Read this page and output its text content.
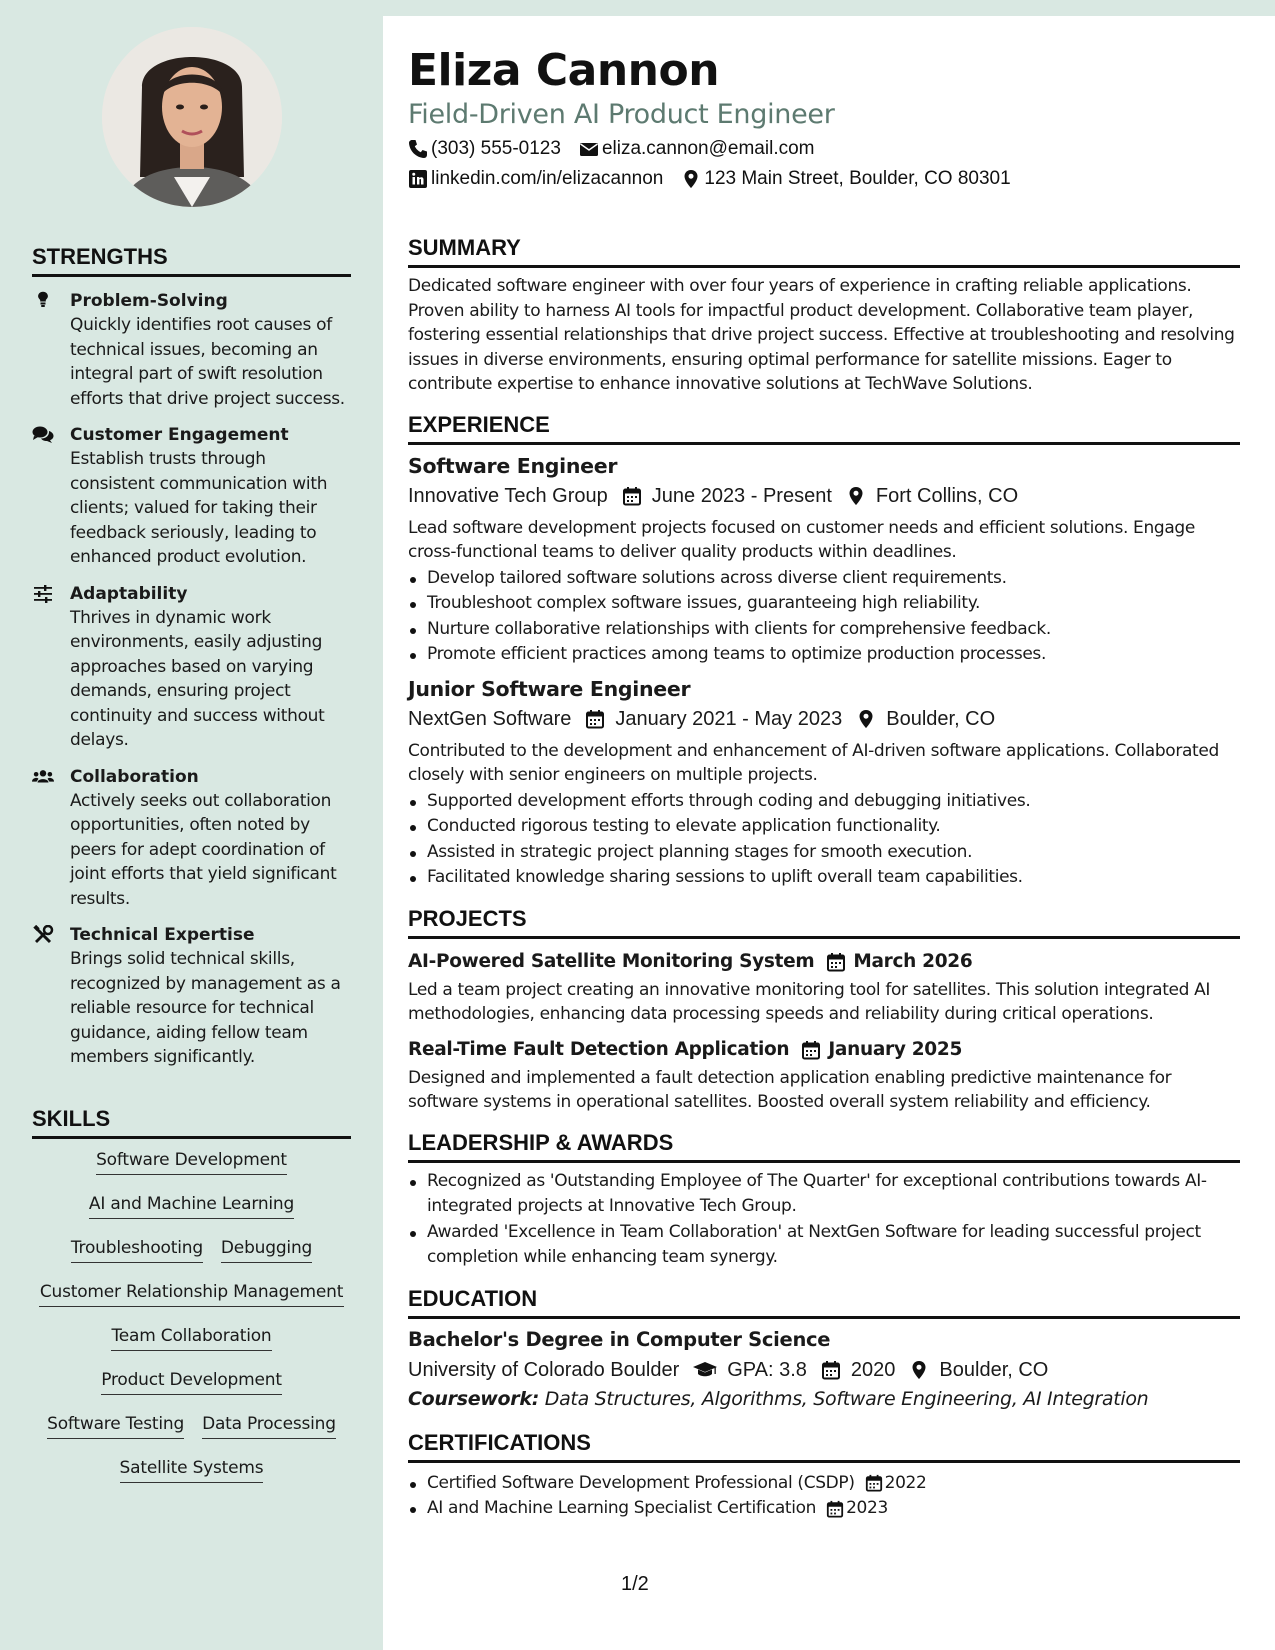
STRENGTHS
Problem-Solving
Quickly identifies root causes of technical issues, becoming an integral part of swift resolution efforts that drive project success.
Customer Engagement
Establish trusts through consistent communication with clients; valued for taking their feedback seriously, leading to enhanced product evolution.
Adaptability
Thrives in dynamic work environments, easily adjusting approaches based on varying demands, ensuring project continuity and success without delays.
Collaboration
Actively seeks out collaboration opportunities, often noted by peers for adept coordination of joint efforts that yield significant results.
Technical Expertise
Brings solid technical skills, recognized by management as a reliable resource for technical guidance, aiding fellow team members significantly.
SKILLS
Software Development
AI and Machine Learning
Troubleshooting Debugging
Customer Relationship Management
Team Collaboration
Product Development
Software Testing Data Processing
Satellite Systems
Eliza Cannon
Field-Driven AI Product Engineer
(303) 555-0123 eliza.cannon@email.com
linkedin.com/in/elizacannon 123 Main Street, Boulder, CO 80301
SUMMARY
Dedicated software engineer with over four years of experience in crafting reliable applications. Proven ability to harness AI tools for impactful product development. Collaborative team player, fostering essential relationships that drive project success. Effective at troubleshooting and resolving issues in diverse environments, ensuring optimal performance for satellite missions. Eager to contribute expertise to enhance innovative solutions at TechWave Solutions.
EXPERIENCE
Software Engineer
Innovative Tech Group June 2023 - Present Fort Collins, CO
Lead software development projects focused on customer needs and efficient solutions. Engage cross-functional teams to deliver quality products within deadlines.
Develop tailored software solutions across diverse client requirements.
Troubleshoot complex software issues, guaranteeing high reliability.
Nurture collaborative relationships with clients for comprehensive feedback.
Promote efficient practices among teams to optimize production processes.
Junior Software Engineer
NextGen Software January 2021 - May 2023 Boulder, CO
Contributed to the development and enhancement of AI-driven software applications. Collaborated closely with senior engineers on multiple projects.
Supported development efforts through coding and debugging initiatives.
Conducted rigorous testing to elevate application functionality.
Assisted in strategic project planning stages for smooth execution.
Facilitated knowledge sharing sessions to uplift overall team capabilities.
PROJECTS
AI-Powered Satellite Monitoring System March 2026
Led a team project creating an innovative monitoring tool for satellites. This solution integrated AI methodologies, enhancing data processing speeds and reliability during critical operations.
Real-Time Fault Detection Application January 2025
Designed and implemented a fault detection application enabling predictive maintenance for software systems in operational satellites. Boosted overall system reliability and efficiency.
LEADERSHIP & AWARDS
Recognized as 'Outstanding Employee of The Quarter' for exceptional contributions towards AI-integrated projects at Innovative Tech Group.
Awarded 'Excellence in Team Collaboration' at NextGen Software for leading successful project completion while enhancing team synergy.
EDUCATION
Bachelor's Degree in Computer Science
University of Colorado Boulder GPA: 3.8 2020 Boulder, CO
Coursework: Data Structures, Algorithms, Software Engineering, AI Integration
CERTIFICATIONS
Certified Software Development Professional (CSDP) 2022
AI and Machine Learning Specialist Certification 2023
1/2
